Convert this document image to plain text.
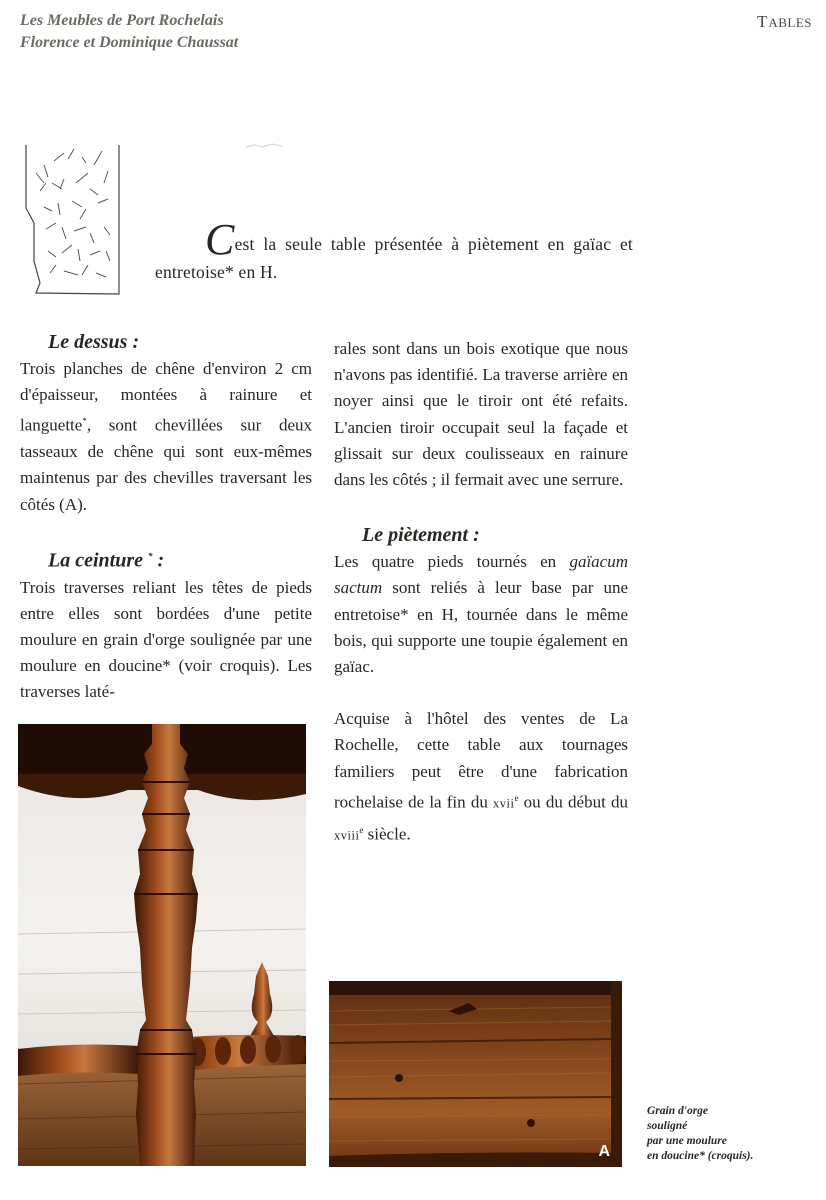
Les Meubles de Port Rochelais
Florence et Dominique Chaussat
TABLES
Cest la seule table présentée à piètement en gaïac et entretoise* en H.
Le dessus :

Trois planches de chêne d'environ 2 cm d'épaisseur, montées à rainure et languette*, sont chevillées sur deux tasseaux de chêne qui sont eux-mêmes maintenus par des chevilles traversant les côtés (A).

La ceinture * :

Trois traverses reliant les têtes de pieds entre elles sont bordées d'une petite moulure en grain d'orge soulignée par une moulure en doucine* (voir croquis). Les traverses laté-

rales sont dans un bois exotique que nous n'avons pas identifié. La traverse arrière en noyer ainsi que le tiroir ont été refaits. L'ancien tiroir occupait seul la façade et glissait sur deux coulisseaux en rainure dans les côtés ; il fermait avec une serrure.

Le piètement :

Les quatre pieds tournés en gaïacum sactum sont reliés à leur base par une entretoise* en H, tournée dans le même bois, qui supporte une toupie également en gaïac.

Acquise à l'hôtel des ventes de La Rochelle, cette table aux tournages familiers peut être d'une fabrication rochelaise de la fin du xvii$^e$ ou du début du xviii$^e$ siècle.

A
Grain d'orge
souligné
par une moulure
en doucine* (croquis).
